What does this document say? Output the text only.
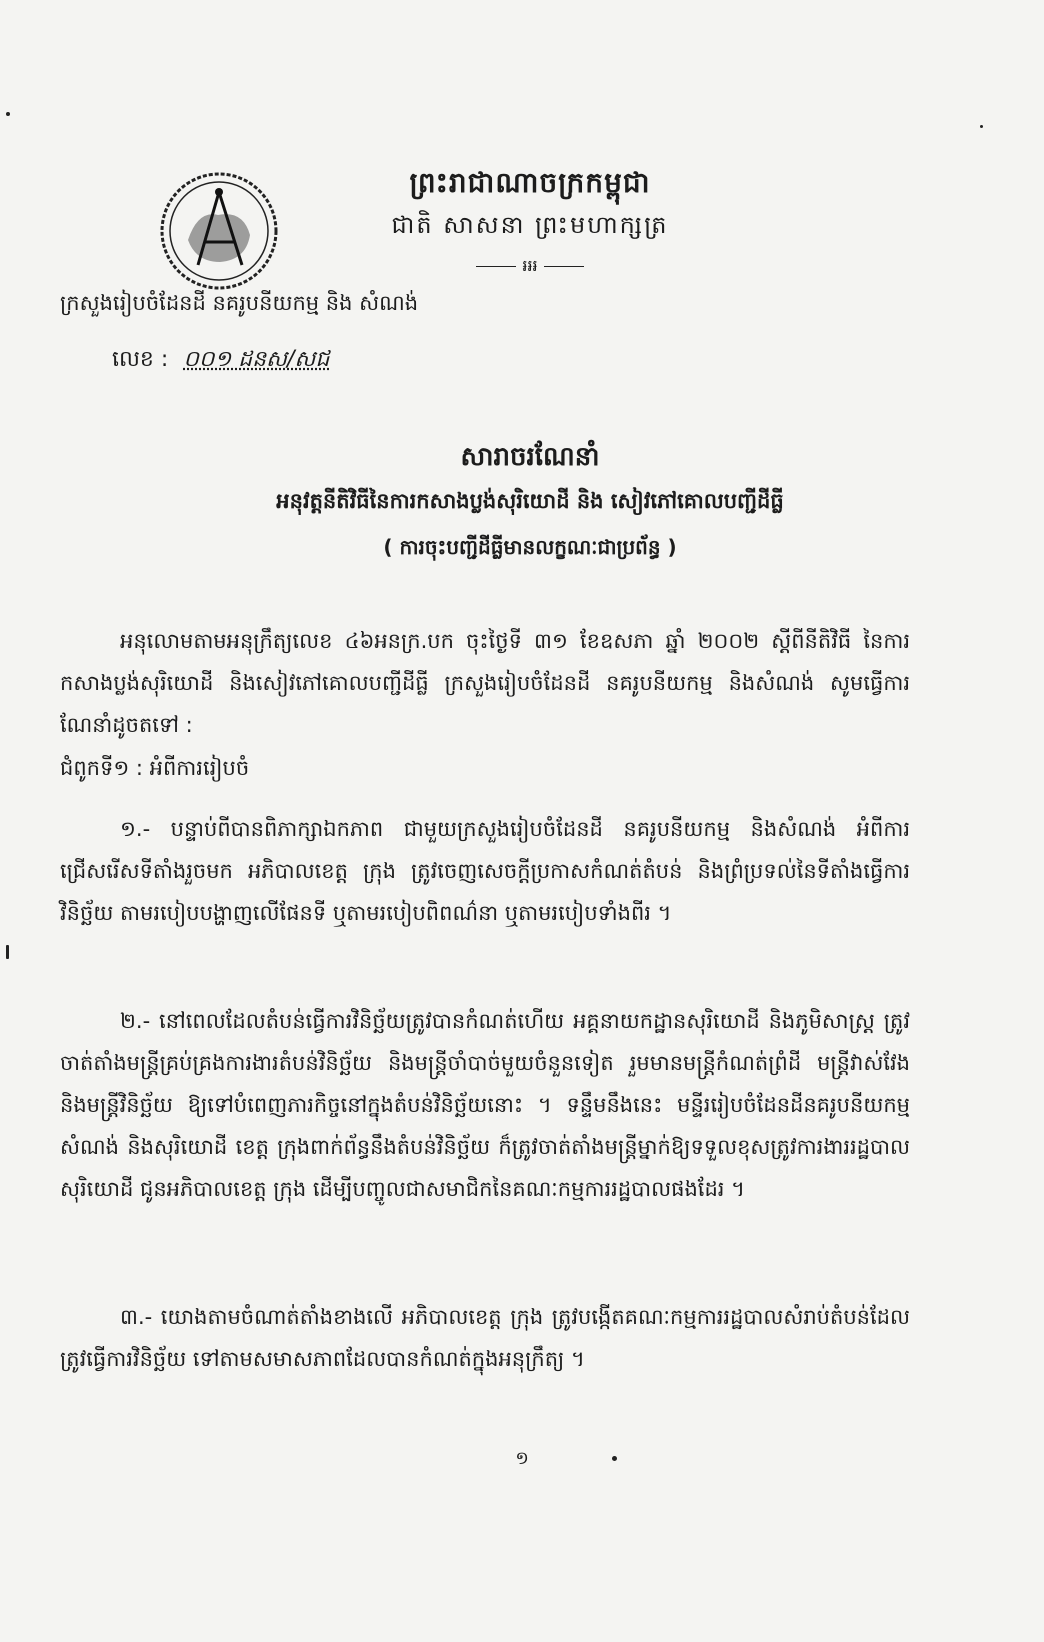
ព្រះរាជាណាចក្រកម្ពុជា
ជាតិ សាសនា ព្រះមហាក្សត្រ
៛៛៛
ក្រសួងរៀបចំដែនដី នគរូបនីយកម្ម និង សំណង់
លេខ : ០០១ ដនស/សជ
សារាចរណែនាំ
អនុវត្តនីតិវិធីនៃការកសាងប្លង់សុរិយោដី និង សៀវភៅគោលបញ្ជីដីធ្លី
( ការចុះបញ្ជីដីធ្លីមានលក្ខណៈជាប្រព័ន្ធ )
អនុលោមតាមអនុក្រឹត្យលេខ ៤៦អនក្រ.បក ចុះថ្ងៃទី ៣១ ខែឧសភា ឆ្នាំ ២០០២ ស្តីពីនីតិវិធី នៃការកសាងប្លង់សុរិយោដី និងសៀវភៅគោលបញ្ជីដីធ្លី ក្រសួងរៀបចំដែនដី នគរូបនីយកម្ម និងសំណង់ សូមធ្វើការណែនាំដូចតទៅ :
ជំពូកទី១ : អំពីការរៀបចំ
១.- បន្ទាប់ពីបានពិភាក្សាឯកភាព ជាមួយក្រសួងរៀបចំដែនដី នគរូបនីយកម្ម និងសំណង់ អំពីការជ្រើសរើសទីតាំងរួចមក អភិបាលខេត្ត ក្រុង ត្រូវចេញសេចក្តីប្រកាសកំណត់តំបន់ និងព្រំប្រទល់នៃទីតាំងធ្វើការវិនិច្ឆ័យ តាមរបៀបបង្ហាញលើផែនទី ឬតាមរបៀបពិពណ៌នា ឬតាមរបៀបទាំងពីរ ។
២.- នៅពេលដែលតំបន់ធ្វើការវិនិច្ឆ័យត្រូវបានកំណត់ហើយ អគ្គនាយកដ្ឋានសុរិយោដី និងភូមិសាស្ត្រ ត្រូវចាត់តាំងមន្ត្រីគ្រប់គ្រងការងារតំបន់វិនិច្ឆ័យ និងមន្ត្រីចាំបាច់មួយចំនួនទៀត រួមមានមន្ត្រីកំណត់ព្រំដី មន្ត្រីវាស់វែង និងមន្ត្រីវិនិច្ឆ័យ ឱ្យទៅបំពេញភារកិច្ចនៅក្នុងតំបន់វិនិច្ឆ័យនោះ ។ ទន្ទឹមនឹងនេះ មន្ទីររៀបចំដែនដីនគរូបនីយកម្ម សំណង់ និងសុរិយោដី ខេត្ត ក្រុងពាក់ព័ន្ធនឹងតំបន់វិនិច្ឆ័យ ក៏ត្រូវចាត់តាំងមន្ត្រីម្នាក់ឱ្យទទួលខុសត្រូវការងាររដ្ឋបាលសុរិយោដី ជូនអភិបាលខេត្ត ក្រុង ដើម្បីបញ្ចូលជាសមាជិកនៃគណៈកម្មការរដ្ឋបាលផងដែរ ។
៣.- យោងតាមចំណាត់តាំងខាងលើ អភិបាលខេត្ត ក្រុង ត្រូវបង្កើតគណៈកម្មការរដ្ឋបាលសំរាប់តំបន់ដែលត្រូវធ្វើការវិនិច្ឆ័យ ទៅតាមសមាសភាពដែលបានកំណត់ក្នុងអនុក្រឹត្យ ។
១
